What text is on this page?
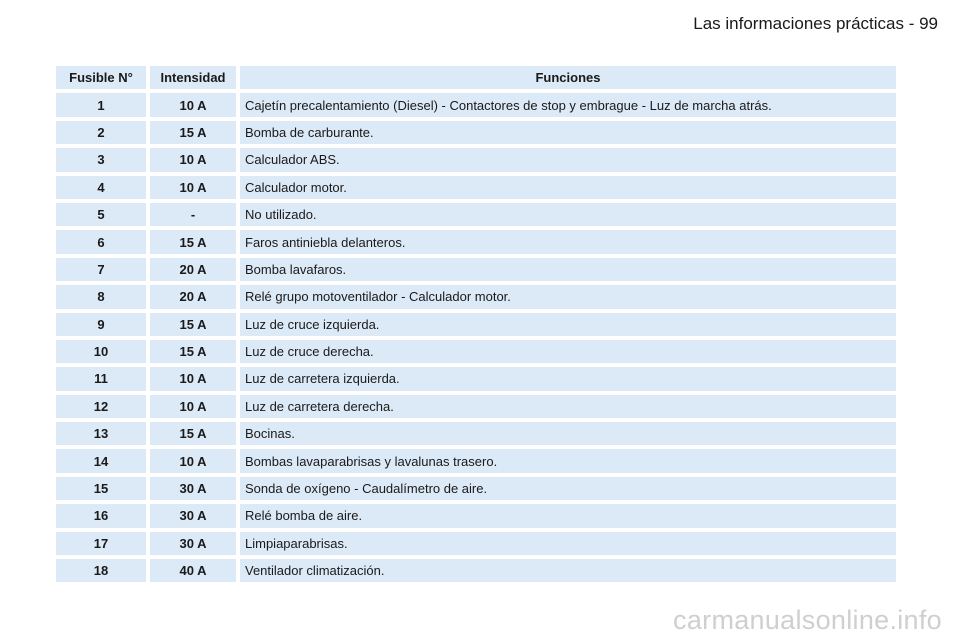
Las informaciones prácticas - 99
Fusible N°	Intensidad	Funciones
1	10 A	Cajetín precalentamiento (Diesel) - Contactores de stop y embrague - Luz de marcha atrás.
2	15 A	Bomba de carburante.
3	10 A	Calculador ABS.
4	10 A	Calculador motor.
5	-	No utilizado.
6	15 A	Faros antiniebla delanteros.
7	20 A	Bomba lavafaros.
8	20 A	Relé grupo motoventilador - Calculador motor.
9	15 A	Luz de cruce izquierda.
10	15 A	Luz de cruce derecha.
11	10 A	Luz de carretera izquierda.
12	10 A	Luz de carretera derecha.
13	15 A	Bocinas.
14	10 A	Bombas lavaparabrisas y lavalunas trasero.
15	30 A	Sonda de oxígeno - Caudalímetro de aire.
16	30 A	Relé bomba de aire.
17	30 A	Limpiaparabrisas.
18	40 A	Ventilador climatización.
carmanualsonline.info
